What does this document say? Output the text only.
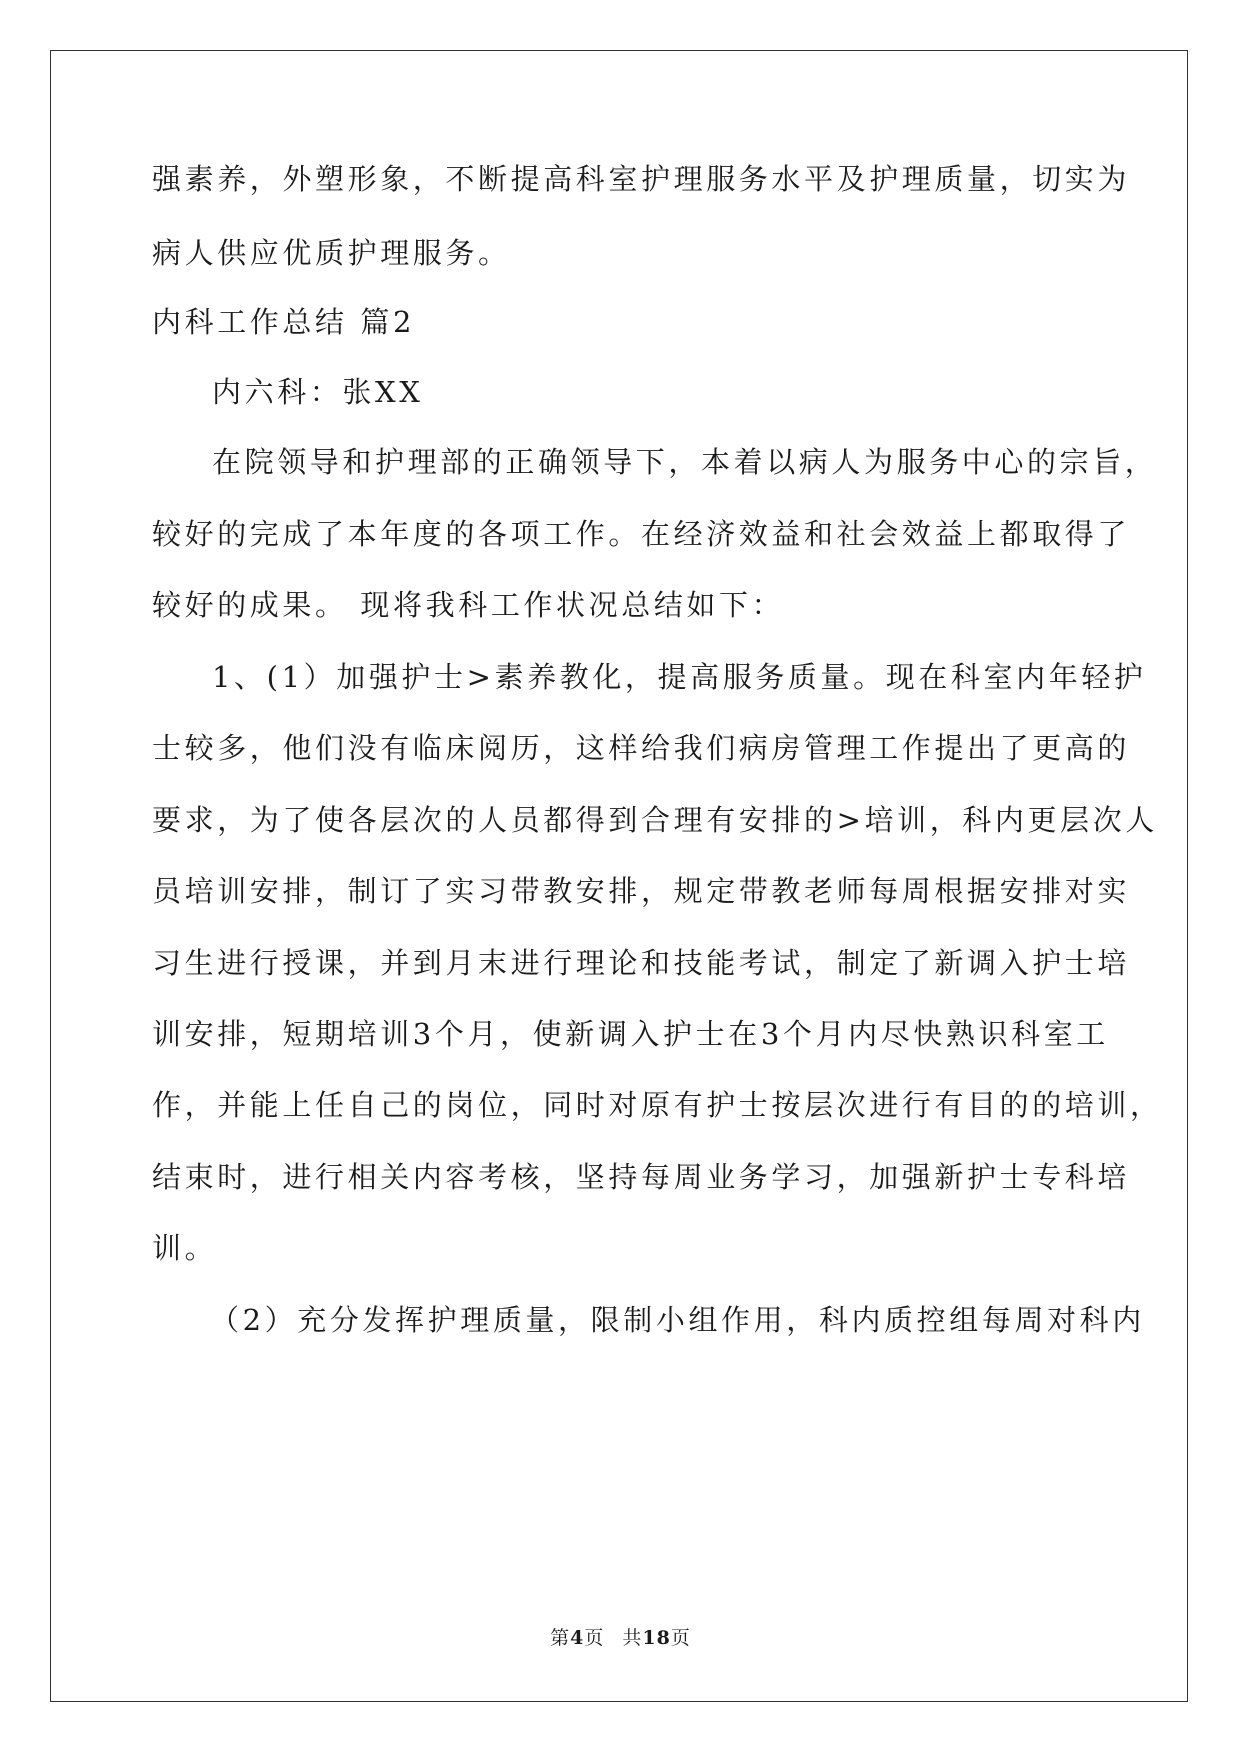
强素养，外塑形象，不断提高科室护理服务水平及护理质量，切实为
病人供应优质护理服务。
内科工作总结 篇2
内六科：张XX
在院领导和护理部的正确领导下，本着以病人为服务中心的宗旨，
较好的完成了本年度的各项工作。在经济效益和社会效益上都取得了
较好的成果。 现将我科工作状况总结如下：
1、(1）加强护士>素养教化，提高服务质量。现在科室内年轻护
士较多，他们没有临床阅历，这样给我们病房管理工作提出了更高的
要求，为了使各层次的人员都得到合理有安排的>培训，科内更层次人
员培训安排，制订了实习带教安排，规定带教老师每周根据安排对实
习生进行授课，并到月末进行理论和技能考试，制定了新调入护士培
训安排，短期培训3个月，使新调入护士在3个月内尽快熟识科室工
作，并能上任自己的岗位，同时对原有护士按层次进行有目的的培训，
结束时，进行相关内容考核，坚持每周业务学习，加强新护士专科培
训。
（2）充分发挥护理质量，限制小组作用，科内质控组每周对科内
第4页 共18页
